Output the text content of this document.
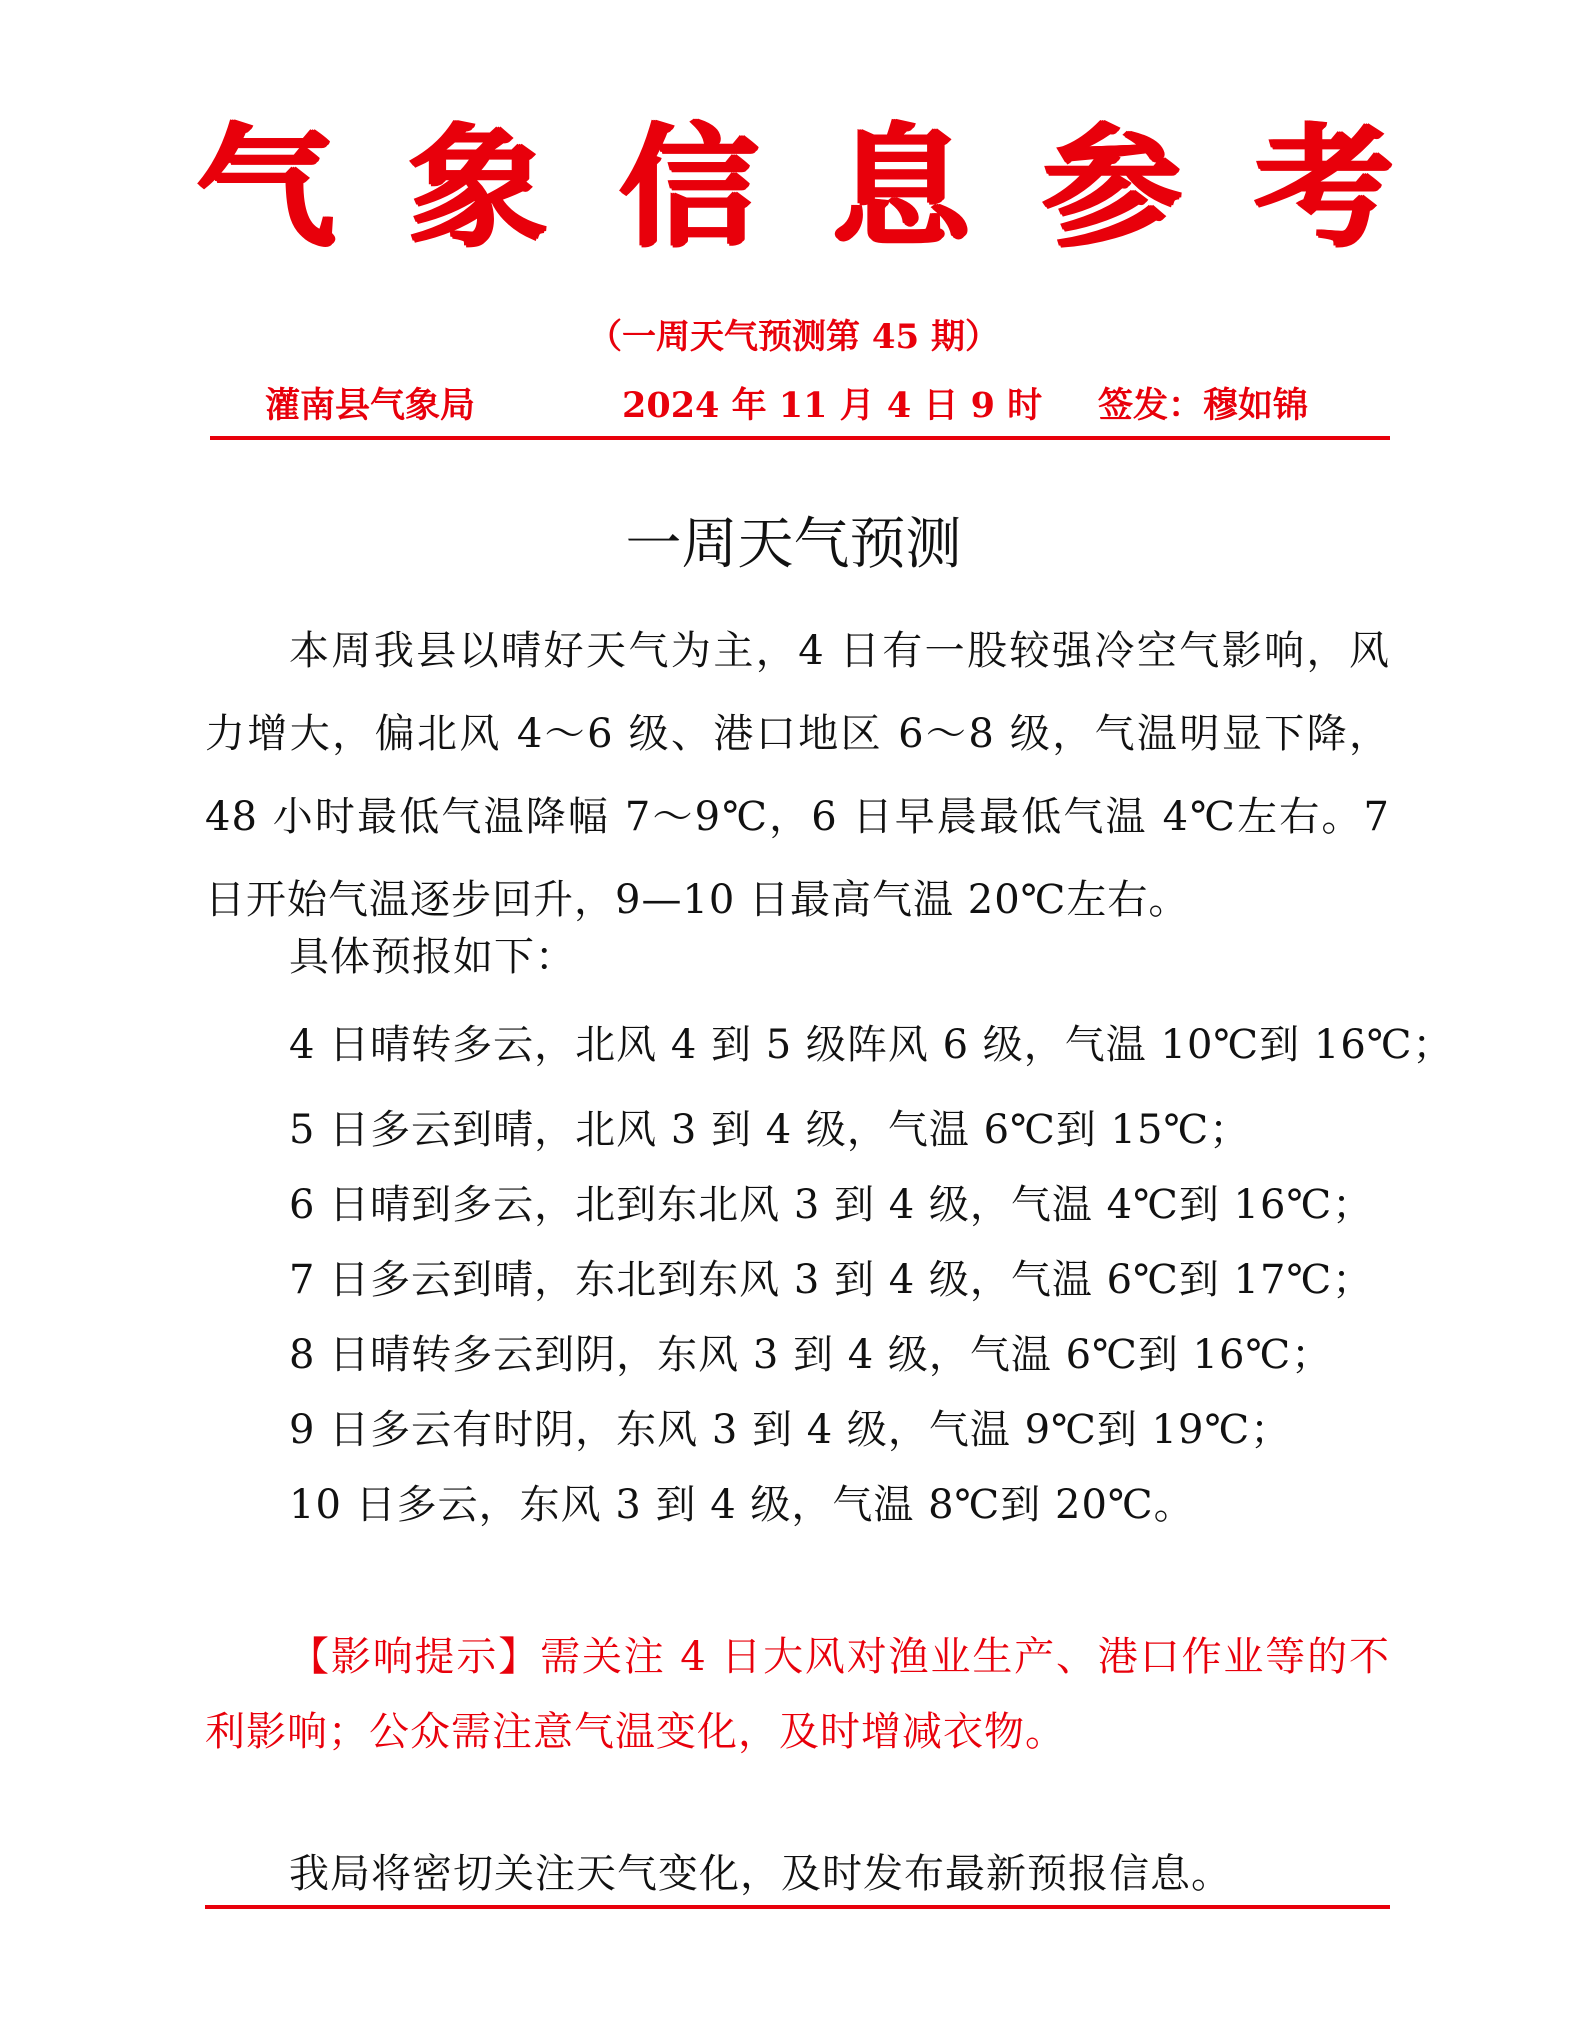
气 象 信 息 参 考
（一周天气预测第 45 期）
灌南县气象局	2024 年 11 月 4 日 9 时 签发：穆如锦
一周天气预测
本周我县以晴好天气为主，4 日有一股较强冷空气影响，风力增大，偏北风 4～6 级、港口地区 6～8 级，气温明显下降，48 小时最低气温降幅 7～9℃，6 日早晨最低气温 4℃左右。7 日开始气温逐步回升，9—10 日最高气温 20℃左右。
具体预报如下：
4 日晴转多云，北风 4 到 5 级阵风 6 级，气温 10℃到 16℃；
5 日多云到晴，北风 3 到 4 级，气温 6℃到 15℃；
6 日晴到多云，北到东北风 3 到 4 级，气温 4℃到 16℃；
7 日多云到晴，东北到东风 3 到 4 级，气温 6℃到 17℃；
8 日晴转多云到阴，东风 3 到 4 级，气温 6℃到 16℃；
9 日多云有时阴，东风 3 到 4 级，气温 9℃到 19℃；
10 日多云，东风 3 到 4 级，气温 8℃到 20℃。
【影响提示】需关注 4 日大风对渔业生产、港口作业等的不利影响；公众需注意气温变化，及时增减衣物。
我局将密切关注天气变化，及时发布最新预报信息。
